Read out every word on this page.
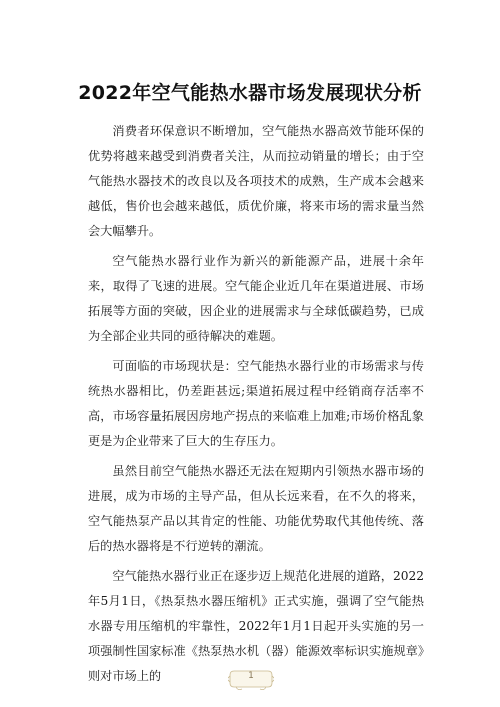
2022年空气能热水器市场发展现状分析

消费者环保意识不断增加，空气能热水器高效节能环保的优势将越来越受到消费者关注，从而拉动销量的增长；由于空气能热水器技术的改良以及各项技术的成熟，生产成本会越来越低，售价也会越来越低，质优价廉，将来市场的需求量当然会大幅攀升。

空气能热水器行业作为新兴的新能源产品，进展十余年来，取得了飞速的进展。空气能企业近几年在渠道进展、市场拓展等方面的突破，因企业的进展需求与全球低碳趋势，已成为全部企业共同的亟待解决的难题。

可面临的市场现状是：空气能热水器行业的市场需求与传统热水器相比，仍差距甚远;渠道拓展过程中经销商存活率不高，市场容量拓展因房地产拐点的来临难上加难;市场价格乱象更是为企业带来了巨大的生存压力。

虽然目前空气能热水器还无法在短期内引领热水器市场的进展，成为市场的主导产品，但从长远来看，在不久的将来，空气能热泵产品以其肯定的性能、功能优势取代其他传统、落后的热水器将是不行逆转的潮流。

空气能热水器行业正在逐步迈上规范化进展的道路，2022年5月1日，《热泵热水器压缩机》正式实施，强调了空气能热水器专用压缩机的牢靠性，2022年1月1日起开头实施的另一项强制性国家标准《热泵热水机（器）能源效率标识实施规章》则对市场上的	1
